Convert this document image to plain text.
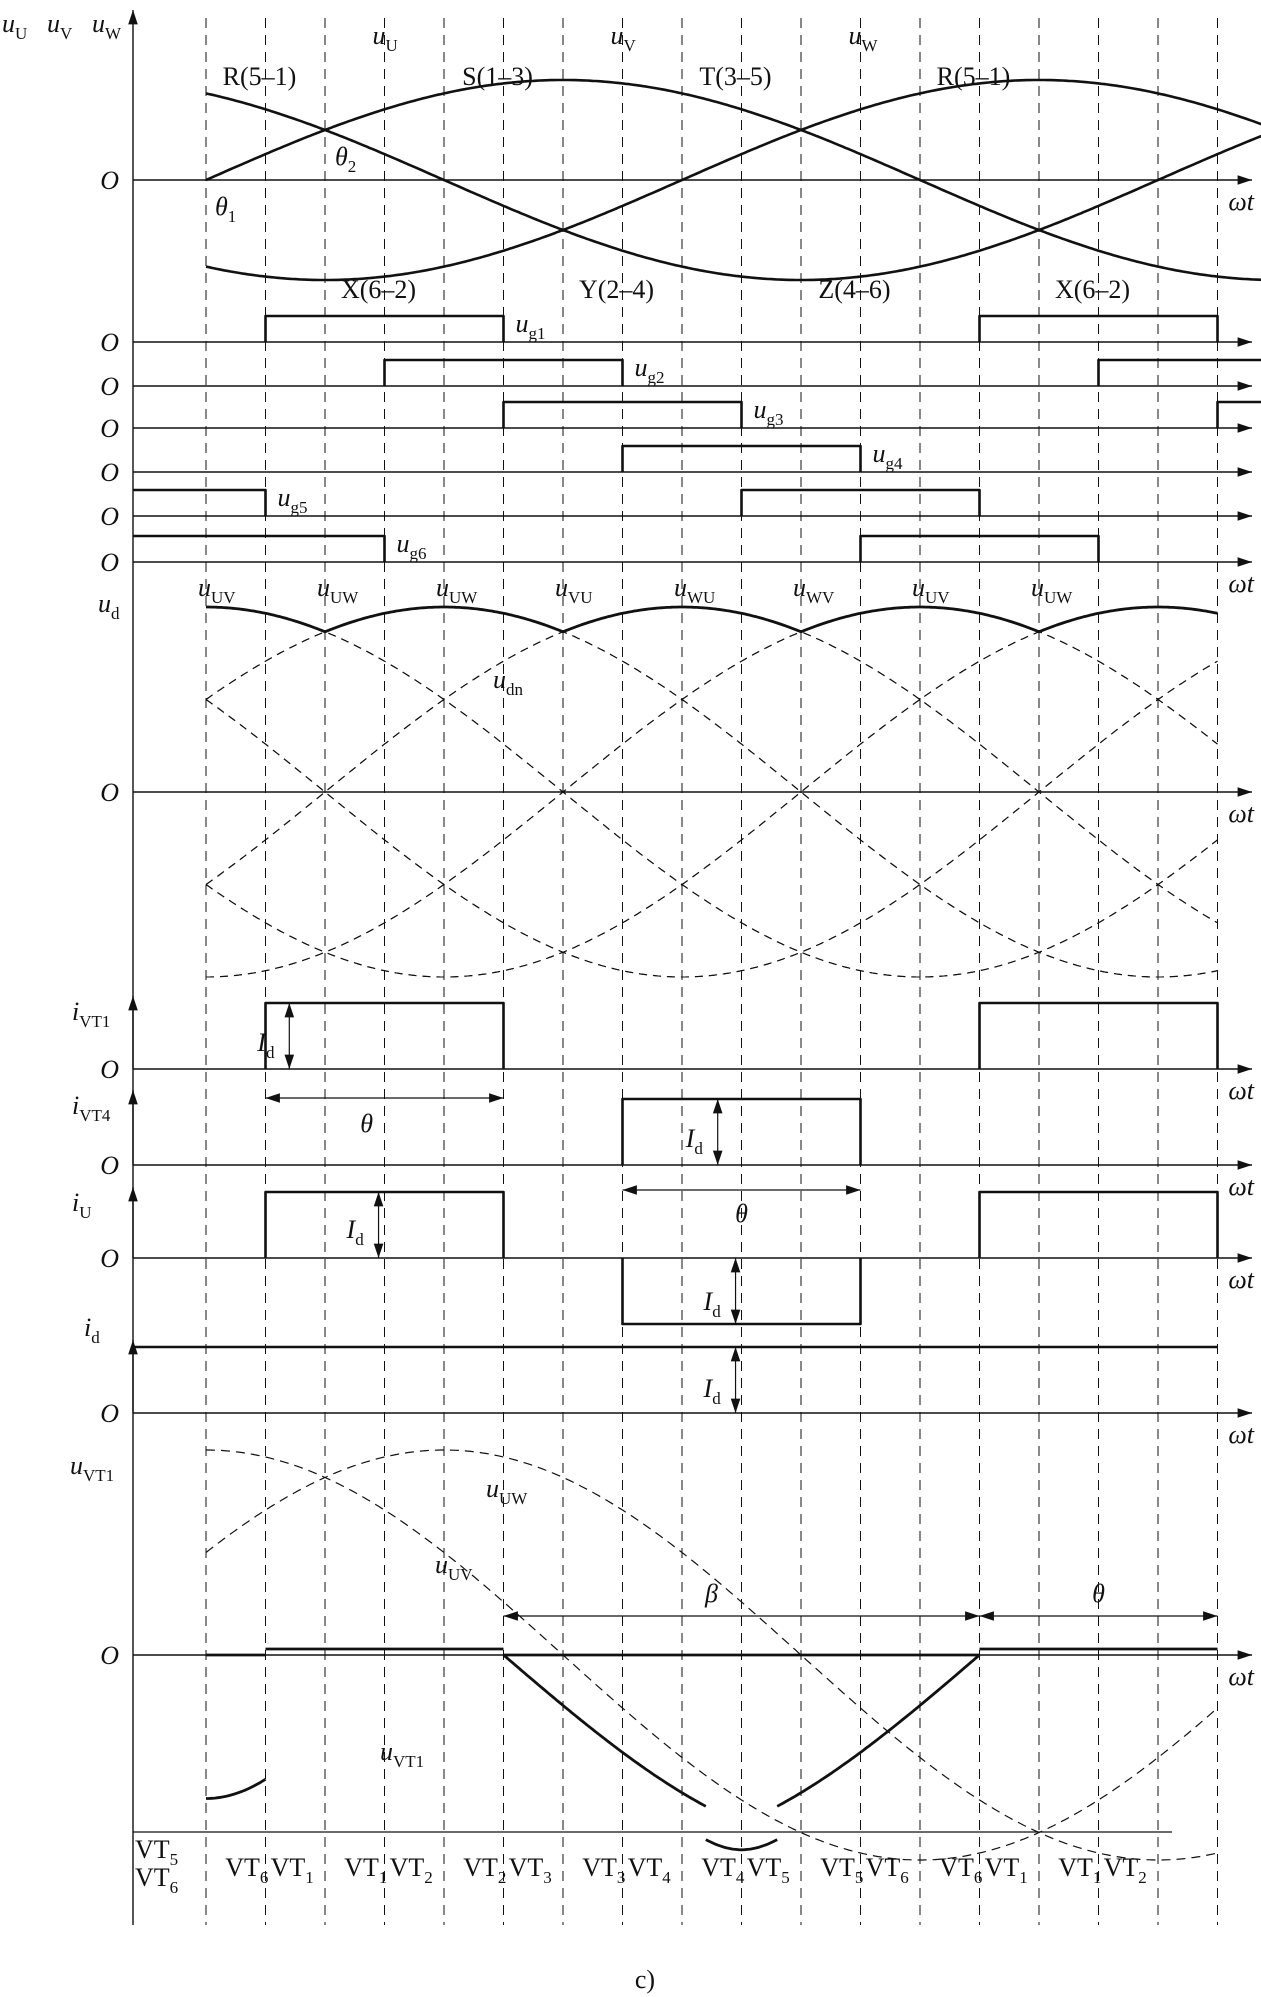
O
O
O
O
O
O
O
O
O
O
O
O
O
ωt
ωt
ωt
ωt
ωt
ωt
ωt
ωt
$u_U$ $u_V$ $u_W$	$u_U$	$u_V$	$u_W$
R(5–1)	S(1–3)	T(3–5)	R(5–1)
X(6–2)	Y(2–4)	Z(4–6)	X(6–2)
$\theta_1$
$\theta_2$
$u_{g1}$
$u_{g2}$
$u_{g3}$
$u_{g4}$
$u_{g5}$
$u_{g6}$
$u_d$
$u_{dn}$
$u_{UV}$	$u_{UW}$	$u_{UW}$	$u_{VU}$	$u_{WU}$	$u_{WV}$	$u_{UV}$	$u_{UW}$
$i_{VT1}$
$i_{VT4}$
$i_U$
$I_d$
$I_d$
$I_d$
$I_d$
θ
θ
$i_d$
$I_d$
$u_{VT1}$	$u_{UW}$
$u_{UV}$
$u_{VT1}$
β	θ
$VT_5$
$VT_6$
$VT_6$ $VT_1$ $VT_1$ $VT_2$ $VT_2$ $VT_3$ $VT_3$ $VT_4$ $VT_4$ $VT_5$ $VT_5$ $VT_6$ $VT_6$ $VT_1$ $VT_1$ $VT_2$
c)
